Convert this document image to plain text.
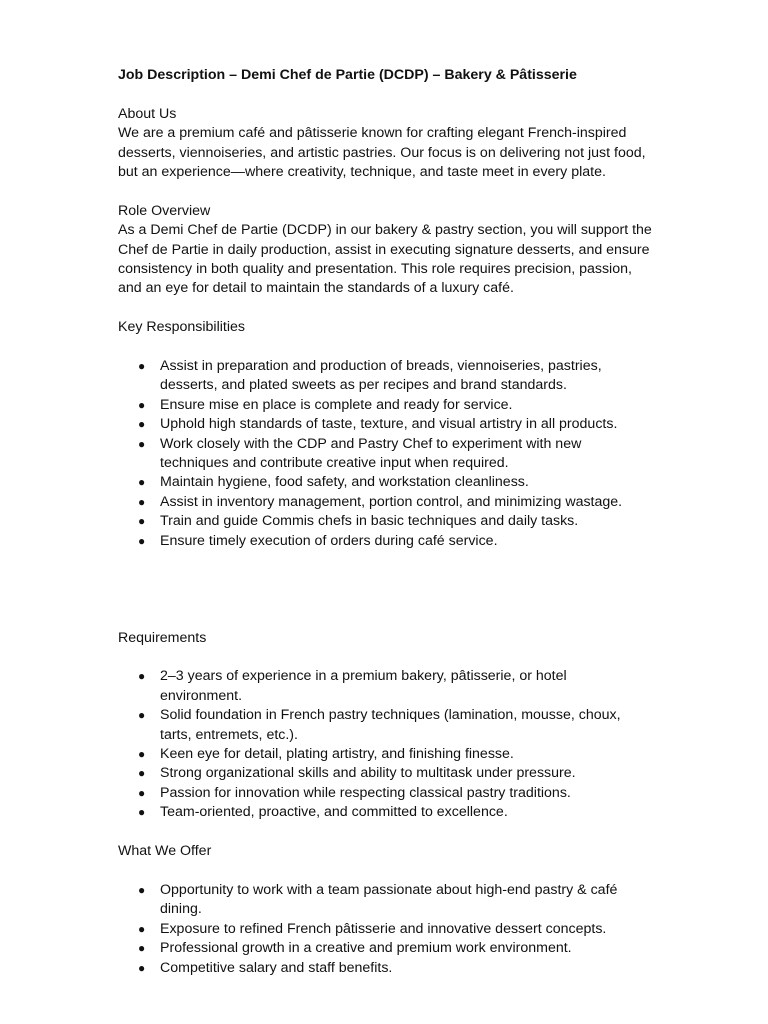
Job Description – Demi Chef de Partie (DCDP) – Bakery & Pâtisserie

About Us

We are a premium café and pâtisserie known for crafting elegant French-inspired desserts, viennoiseries, and artistic pastries. Our focus is on delivering not just food, but an experience—where creativity, technique, and taste meet in every plate.

Role Overview

As a Demi Chef de Partie (DCDP) in our bakery & pastry section, you will support the Chef de Partie in daily production, assist in executing signature desserts, and ensure consistency in both quality and presentation. This role requires precision, passion, and an eye for detail to maintain the standards of a luxury café.

Key Responsibilities

● Assist in preparation and production of breads, viennoiseries, pastries, desserts, and plated sweets as per recipes and brand standards.
● Ensure mise en place is complete and ready for service.
● Uphold high standards of taste, texture, and visual artistry in all products.
● Work closely with the CDP and Pastry Chef to experiment with new techniques and contribute creative input when required.
● Maintain hygiene, food safety, and workstation cleanliness.
● Assist in inventory management, portion control, and minimizing wastage.
● Train and guide Commis chefs in basic techniques and daily tasks.
● Ensure timely execution of orders during café service.

Requirements

● 2–3 years of experience in a premium bakery, pâtisserie, or hotel environment.
● Solid foundation in French pastry techniques (lamination, mousse, choux, tarts, entremets, etc.).
● Keen eye for detail, plating artistry, and finishing finesse.
● Strong organizational skills and ability to multitask under pressure.
● Passion for innovation while respecting classical pastry traditions.
● Team-oriented, proactive, and committed to excellence.

What We Offer

● Opportunity to work with a team passionate about high-end pastry & café dining.
● Exposure to refined French pâtisserie and innovative dessert concepts.
● Professional growth in a creative and premium work environment.
● Competitive salary and staff benefits.
